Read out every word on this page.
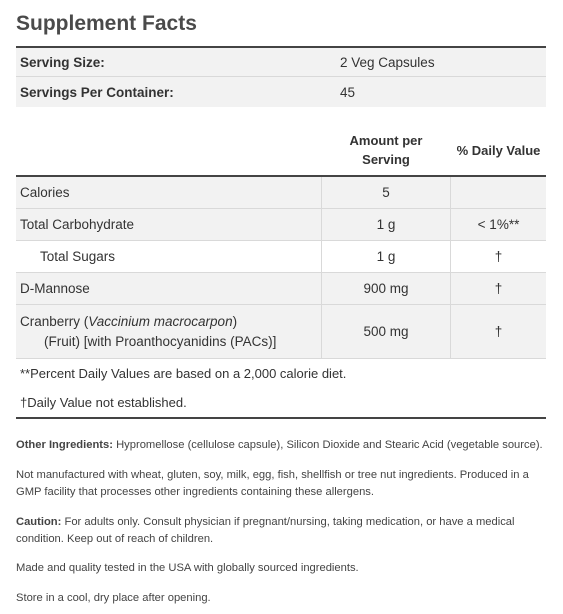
Supplement Facts
Serving Size:	2 Veg Capsules
Servings Per Container:	45
Amount per
Serving
% Daily Value
Calories	5
Total Carbohydrate	1 g	< 1%**
Total Sugars	1 g	†
D-Mannose	900 mg	†
Cranberry (Vaccinium macrocarpon)
(Fruit) [with Proanthocyanidins (PACs)]
500 mg	†
**Percent Daily Values are based on a 2,000 calorie diet.
†Daily Value not established.
Other Ingredients: Hypromellose (cellulose capsule), Silicon Dioxide and Stearic Acid (vegetable source).
Not manufactured with wheat, gluten, soy, milk, egg, fish, shellfish or tree nut ingredients. Produced in a GMP facility that processes other ingredients containing these allergens.
Caution: For adults only. Consult physician if pregnant/nursing, taking medication, or have a medical condition. Keep out of reach of children.
Made and quality tested in the USA with globally sourced ingredients.
Store in a cool, dry place after opening.
